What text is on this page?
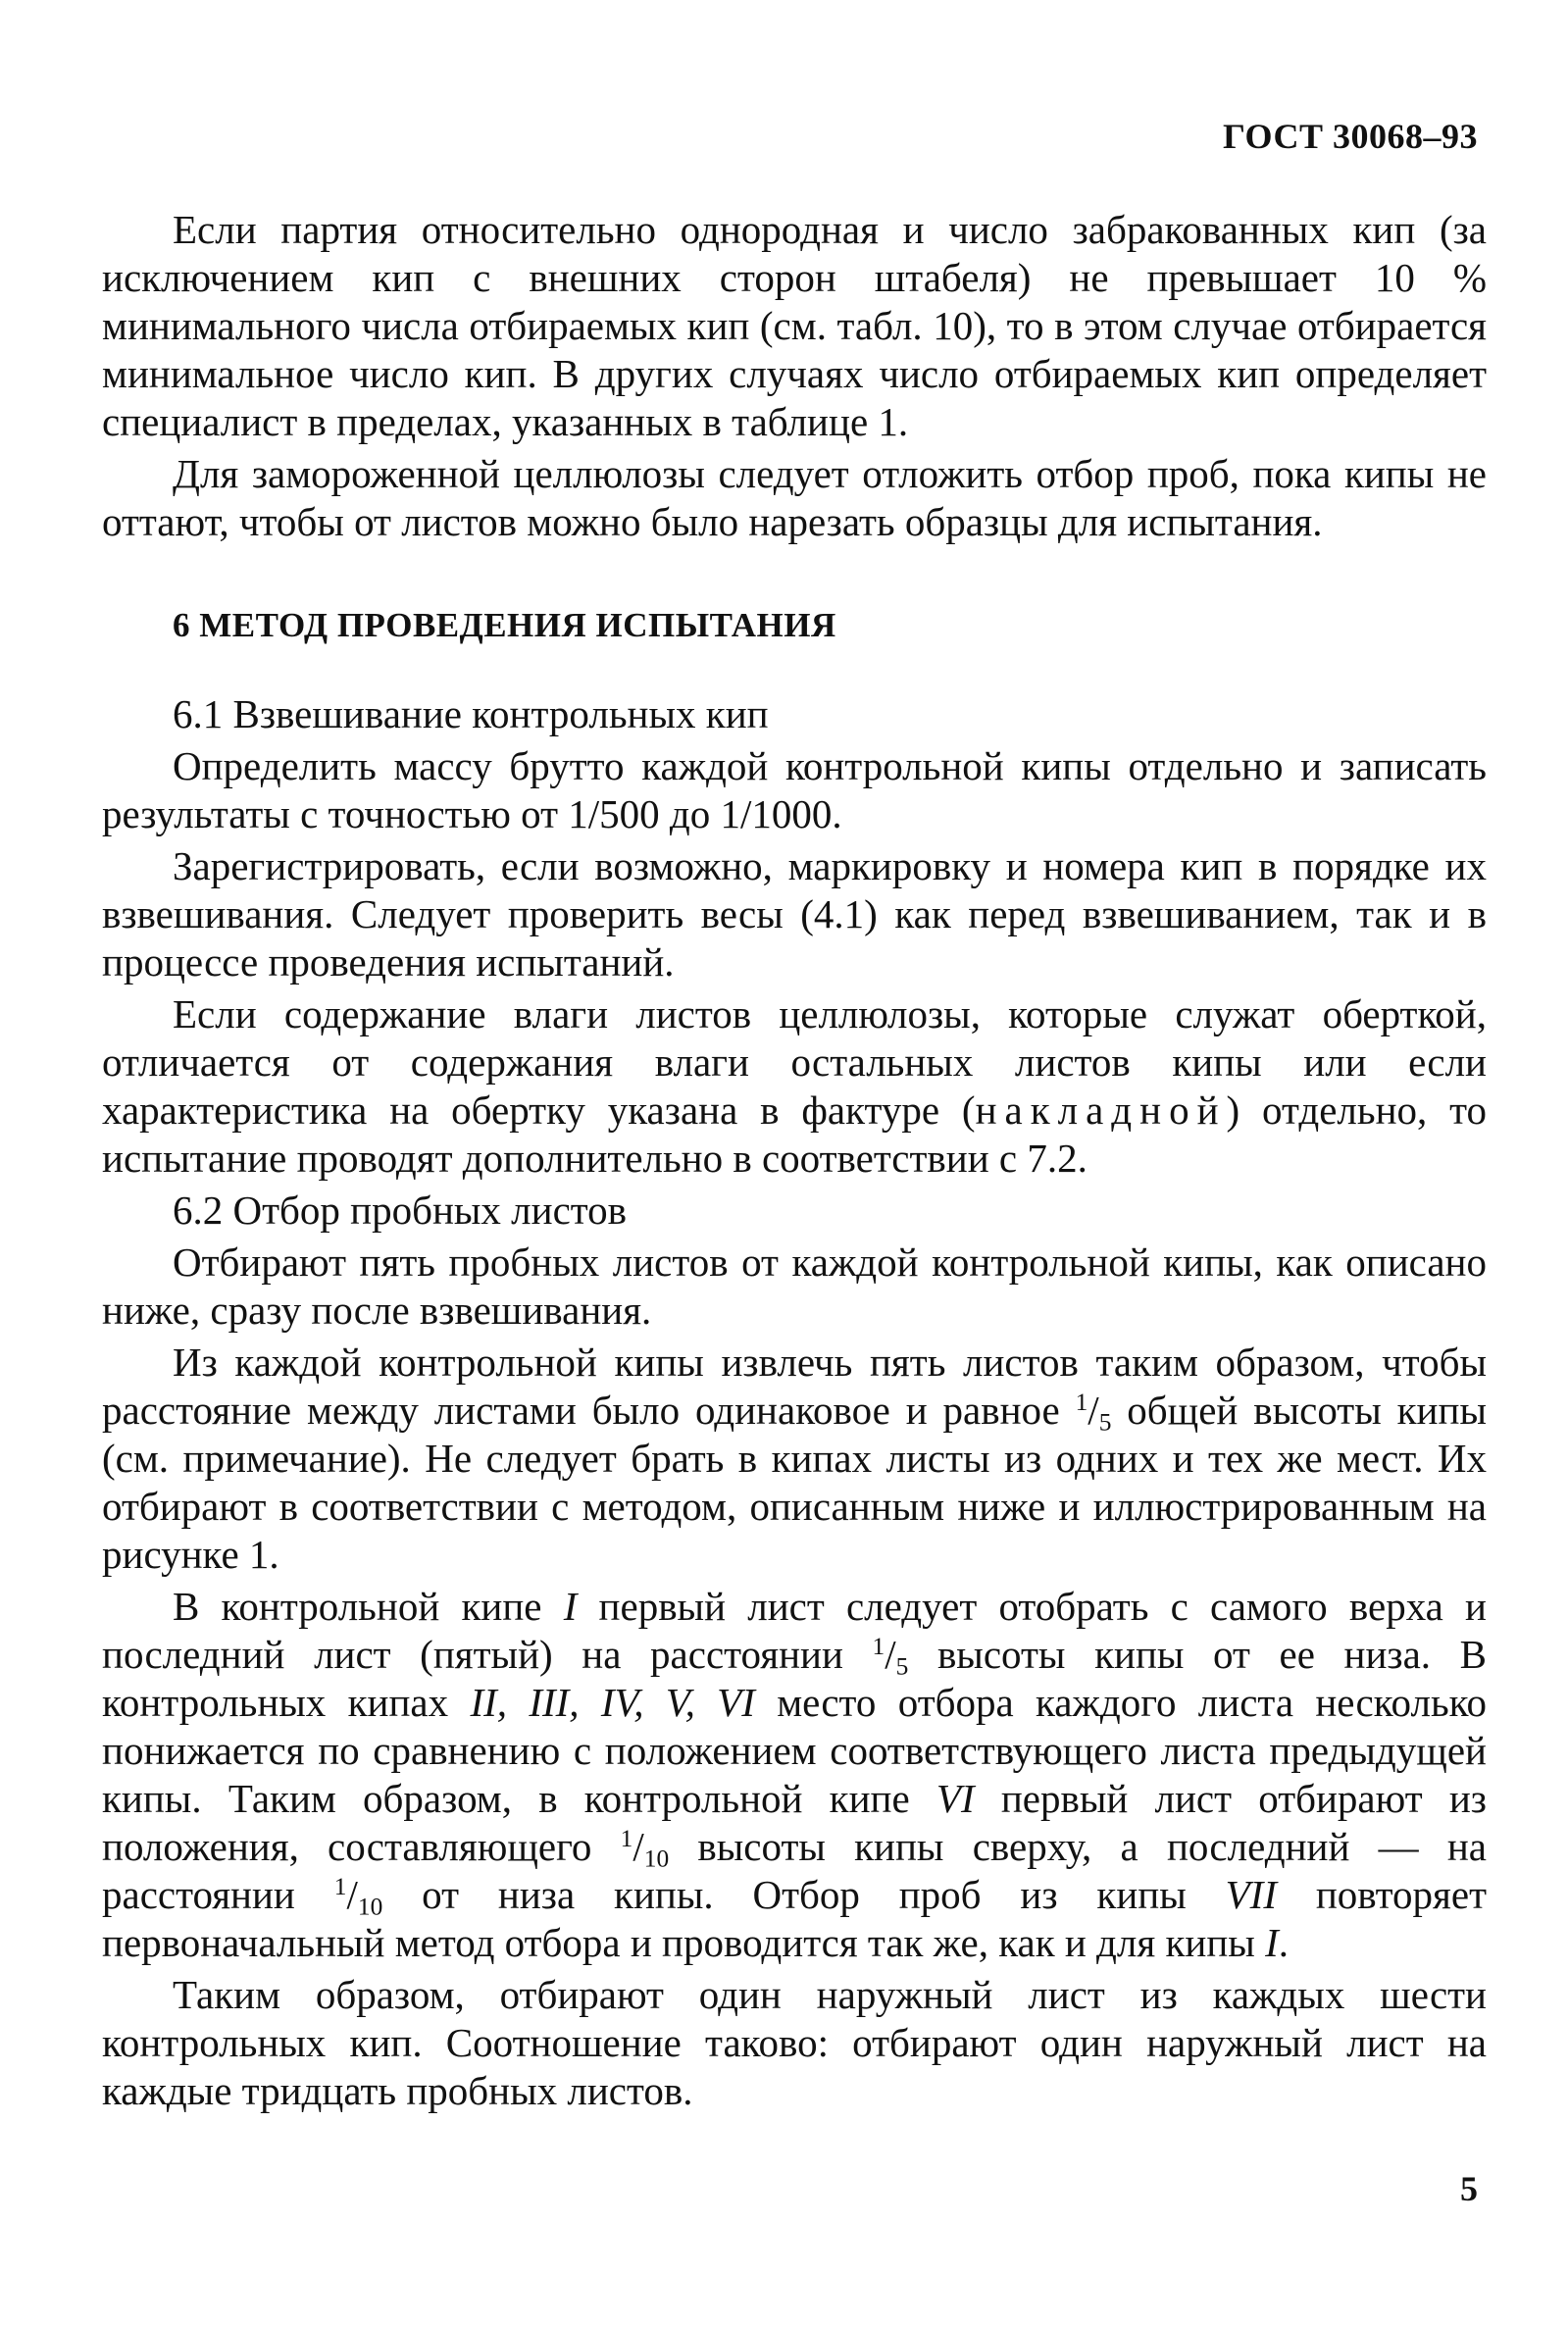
ГОСТ 30068–93

Если партия относительно однородная и число забракованных кип (за исключением кип с внешних сторон штабеля) не превышает 10 % минимального числа отбираемых кип (см. табл. 10), то в этом случае отбирается минимальное число кип. В других случаях число отбираемых кип определяет специалист в пределах, указанных в таблице 1.

Для замороженной целлюлозы следует отложить отбор проб, пока кипы не оттают, чтобы от листов можно было нарезать образцы для испытания.

6 МЕТОД ПРОВЕДЕНИЯ ИСПЫТАНИЯ

6.1 Взвешивание контрольных кип

Определить массу брутто каждой контрольной кипы отдельно и записать результаты с точностью от 1/500 до 1/1000.

Зарегистрировать, если возможно, маркировку и номера кип в порядке их взвешивания. Следует проверить весы (4.1) как перед взвешиванием, так и в процессе проведения испытаний.

Если содержание влаги листов целлюлозы, которые служат оберткой, отличается от содержания влаги остальных листов кипы или если характеристика на обертку указана в фактуре (накладной) отдельно, то испытание проводят дополнительно в соответствии с 7.2.

6.2 Отбор пробных листов

Отбирают пять пробных листов от каждой контрольной кипы, как описано ниже, сразу после взвешивания.

Из каждой контрольной кипы извлечь пять листов таким образом, чтобы расстояние между листами было одинаковое и равное $^1/_5$ общей высоты кипы (см. примечание). Не следует брать в кипах листы из одних и тех же мест. Их отбирают в соответствии с методом, описанным ниже и иллюстрированным на рисунке 1.

В контрольной кипе I первый лист следует отобрать с самого верха и последний лист (пятый) на расстоянии $^1/_5$ высоты кипы от ее низа. В контрольных кипах II, III, IV, V, VI место отбора каждого листа несколько понижается по сравнению с положением соответствующего листа предыдущей кипы. Таким образом, в контрольной кипе VI первый лист отбирают из положения, составляющего $^1/_{10}$ высоты кипы сверху, а последний — на расстоянии $^1/_{10}$ от низа кипы. Отбор проб из кипы VII повторяет первоначальный метод отбора и проводится так же, как и для кипы I.

Таким образом, отбирают один наружный лист из каждых шести контрольных кип. Соотношение таково: отбирают один наружный лист на каждые тридцать пробных листов.

5
